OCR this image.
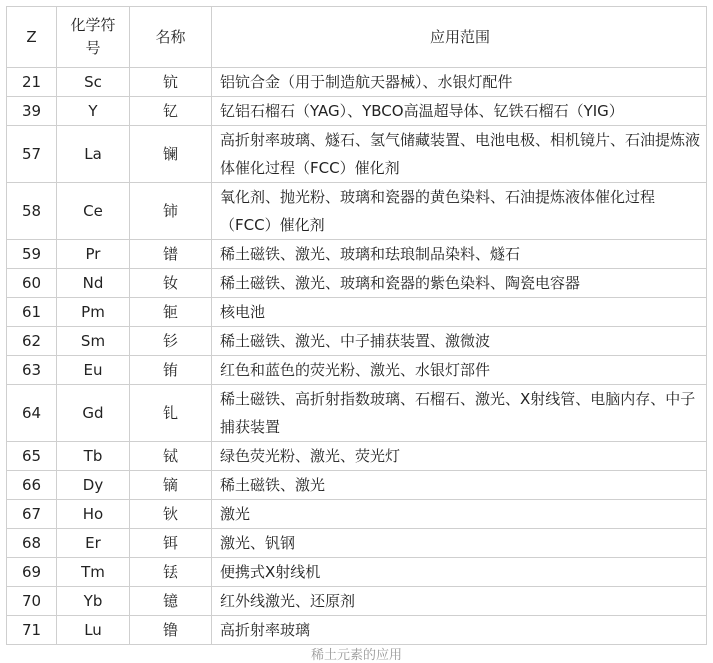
Z	化学符号	名称	应用范围
21	Sc	钪	铝钪合金（用于制造航天器械）、水银灯配件
39	Y	钇	钇铝石榴石（YAG）、YBCO高温超导体、钇铁石榴石（YIG）
57	La	镧	高折射率玻璃、燧石、氢气储藏装置、电池电极、相机镜片、石油提炼液体催化过程（FCC）催化剂
58	Ce	铈	氧化剂、抛光粉、玻璃和瓷器的黄色染料、石油提炼液体催化过程（FCC）催化剂
59	Pr	镨	稀土磁铁、激光、玻璃和珐琅制品染料、燧石
60	Nd	钕	稀土磁铁、激光、玻璃和瓷器的紫色染料、陶瓷电容器
61	Pm	钷	核电池
62	Sm	钐	稀土磁铁、激光、中子捕获装置、激微波
63	Eu	铕	红色和蓝色的荧光粉、激光、水银灯部件
64	Gd	钆	稀土磁铁、高折射指数玻璃、石榴石、激光、X射线管、电脑内存、中子捕获装置
65	Tb	铽	绿色荧光粉、激光、荧光灯
66	Dy	镝	稀土磁铁、激光
67	Ho	钬	激光
68	Er	铒	激光、钒钢
69	Tm	铥	便携式X射线机
70	Yb	镱	红外线激光、还原剂
71	Lu	镥	高折射率玻璃
稀土元素的应用
